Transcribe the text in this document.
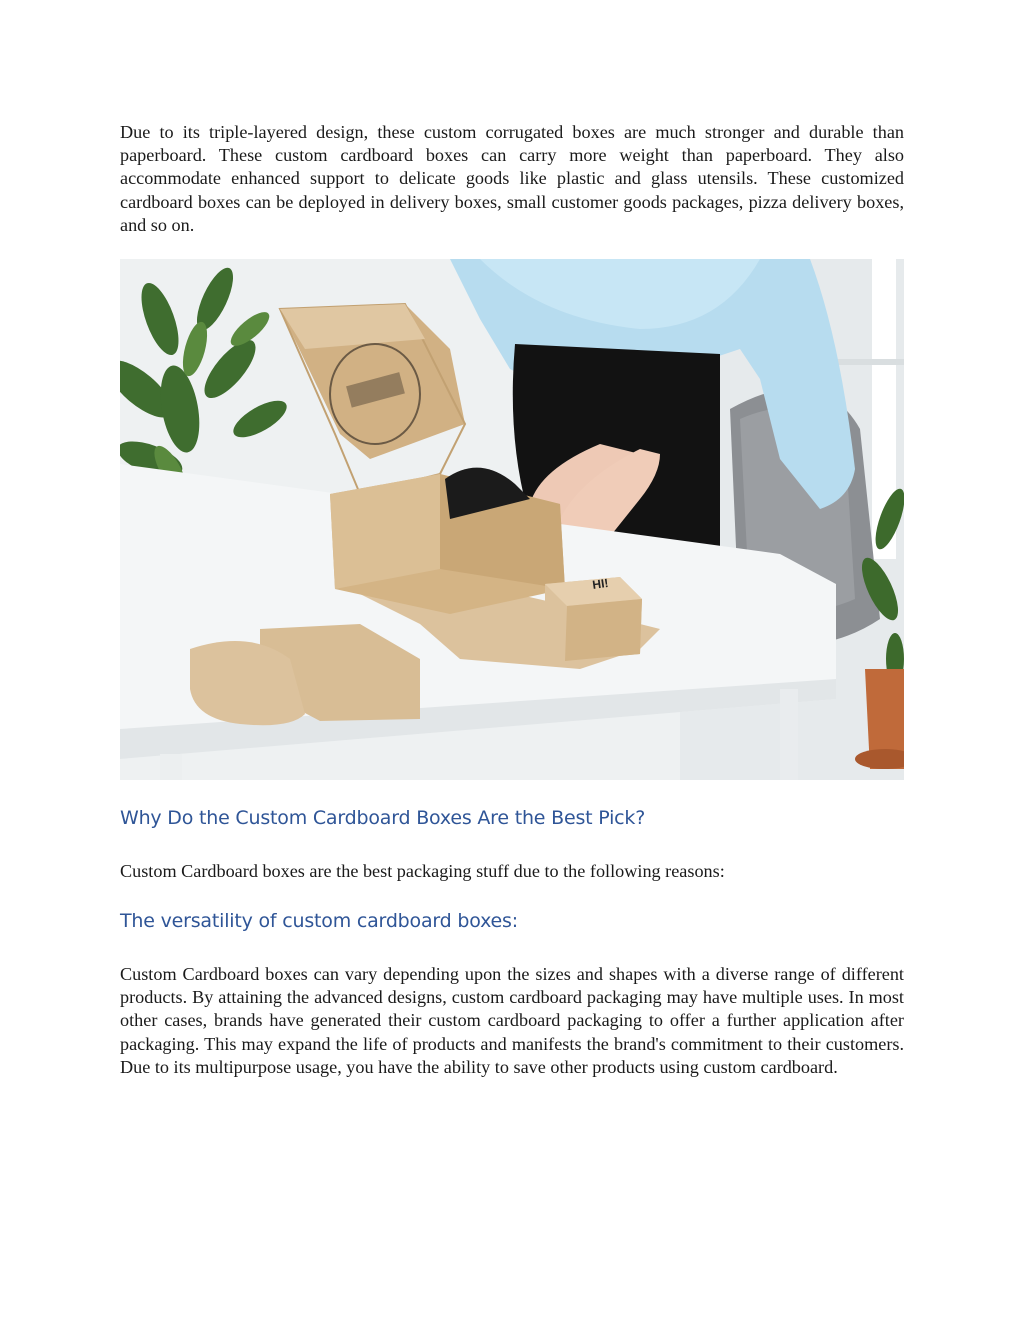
Due to its triple-layered design, these custom corrugated boxes are much stronger and durable than paperboard. These custom cardboard boxes can carry more weight than paperboard. They also accommodate enhanced support to delicate goods like plastic and glass utensils. These customized cardboard boxes can be deployed in delivery boxes, small customer goods packages, pizza delivery boxes, and so on.

HI!
Why Do the Custom Cardboard Boxes Are the Best Pick?

Custom Cardboard boxes are the best packaging stuff due to the following reasons:

The versatility of custom cardboard boxes:

Custom Cardboard boxes can vary depending upon the sizes and shapes with a diverse range of different products. By attaining the advanced designs, custom cardboard packaging may have multiple uses. In most other cases, brands have generated their custom cardboard packaging to offer a further application after packaging. This may expand the life of products and manifests the brand's commitment to their customers. Due to its multipurpose usage, you have the ability to save other products using custom cardboard.
